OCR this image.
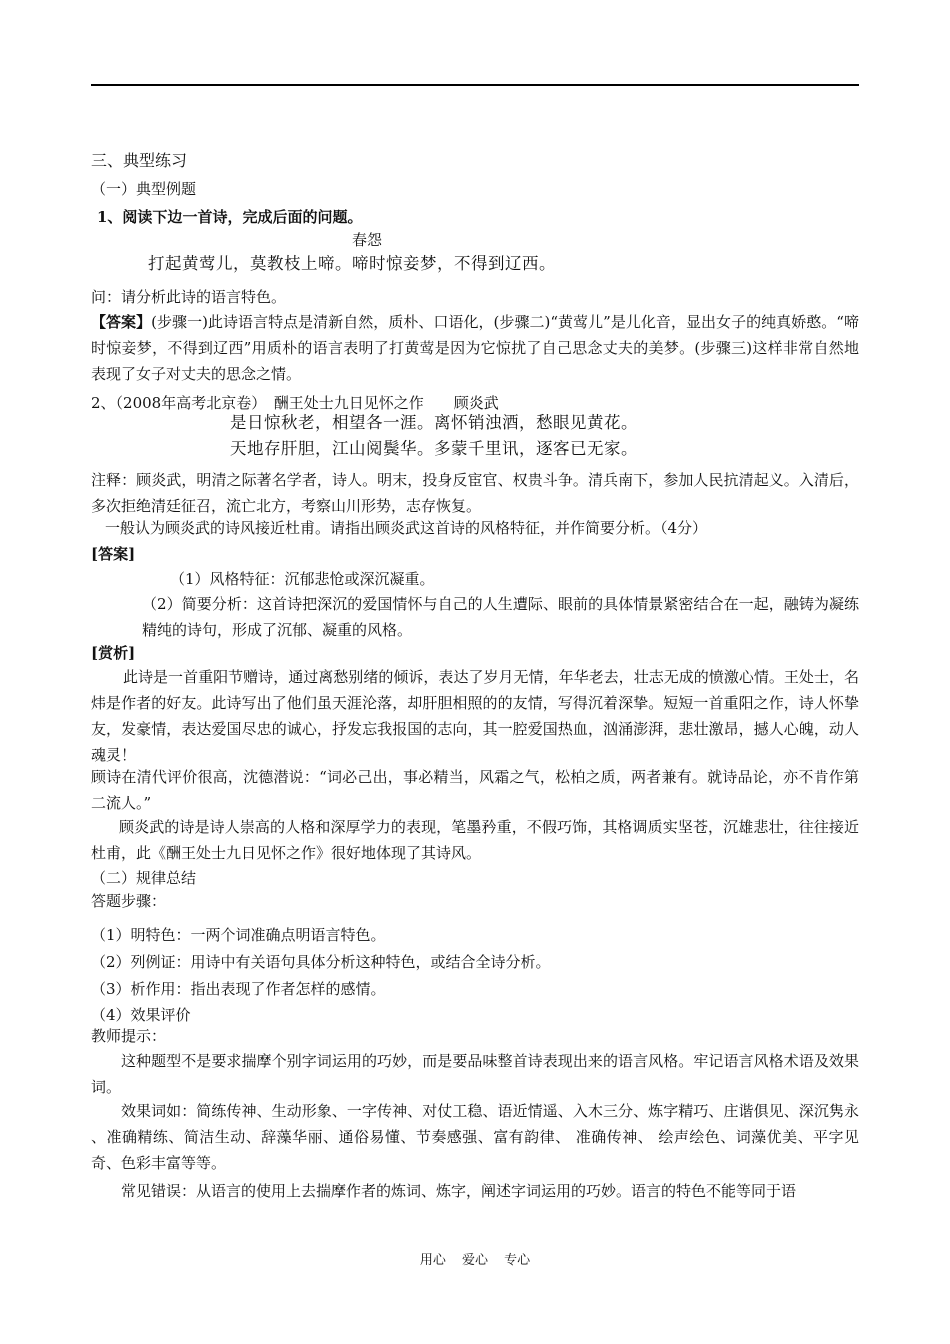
三、典型练习
（一）典型例题
1、阅读下边一首诗，完成后面的问题。
春怨
打起黄莺儿，莫教枝上啼。啼时惊妾梦，不得到辽西。
问：请分析此诗的语言特色。
【答案】(步骤一)此诗语言特点是清新自然，质朴、口语化，(步骤二)“黄莺儿”是儿化音，显出女子的纯真娇憨。“啼时惊妾梦，不得到辽西”用质朴的语言表明了打黄莺是因为它惊扰了自己思念丈夫的美梦。(步骤三)这样非常自然地表现了女子对丈夫的思念之情。
2、（2008年高考北京卷）　酬王处士九日见怀之作　　顾炎武
是日惊秋老，相望各一涯。离怀销浊酒，愁眼见黄花。
天地存肝胆，江山阅鬓华。多蒙千里讯，逐客已无家。
注释：顾炎武，明清之际著名学者，诗人。明末，投身反宦官、权贵斗争。清兵南下，参加人民抗清起义。入清后，多次拒绝清廷征召，流亡北方，考察山川形势，志存恢复。
一般认为顾炎武的诗风接近杜甫。请指出顾炎武这首诗的风格特征，并作简要分析。（4分）
[答案]
（1）风格特征：沉郁悲怆或深沉凝重。
（2）简要分析：这首诗把深沉的爱国情怀与自己的人生遭际、眼前的具体情景紧密结合在一起，融铸为凝练精纯的诗句，形成了沉郁、凝重的风格。
[赏析]
此诗是一首重阳节赠诗，通过离愁别绪的倾诉，表达了岁月无情，年华老去，壮志无成的愤激心情。王处士，名炜是作者的好友。此诗写出了他们虽天涯沦落，却肝胆相照的的友情，写得沉着深挚。短短一首重阳之作，诗人怀挚友，发豪情，表达爱国尽忠的诚心，抒发忘我报国的志向，其一腔爱国热血，汹涌澎湃，悲壮激昂，撼人心魄，动人魂灵！
顾诗在清代评价很高，沈德潜说：“词必己出，事必精当，风霜之气，松柏之质，两者兼有。就诗品论，亦不肯作第二流人。”
顾炎武的诗是诗人崇高的人格和深厚学力的表现，笔墨矜重，不假巧饰，其格调质实坚苍，沉雄悲壮，往往接近杜甫，此《酬王处士九日见怀之作》很好地体现了其诗风。
（二）规律总结
答题步骤：
（1）明特色：一两个词准确点明语言特色。
（2）列例证：用诗中有关语句具体分析这种特色，或结合全诗分析。
（3）析作用：指出表现了作者怎样的感情。
（4）效果评价
教师提示：
这种题型不是要求揣摩个别字词运用的巧妙，而是要品味整首诗表现出来的语言风格。牢记语言风格术语及效果词。
效果词如：简练传神、生动形象、一字传神、对仗工稳、语近情遥、入木三分、炼字精巧、庄谐俱见、深沉隽永 、准确精练、简洁生动、辞藻华丽、通俗易懂、节奏感强、富有韵律、 准确传神、 绘声绘色、词藻优美、平字见奇、色彩丰富等等。
常见错误：从语言的使用上去揣摩作者的炼词、炼字，阐述字词运用的巧妙。语言的特色不能等同于语
用心 爱心 专心
